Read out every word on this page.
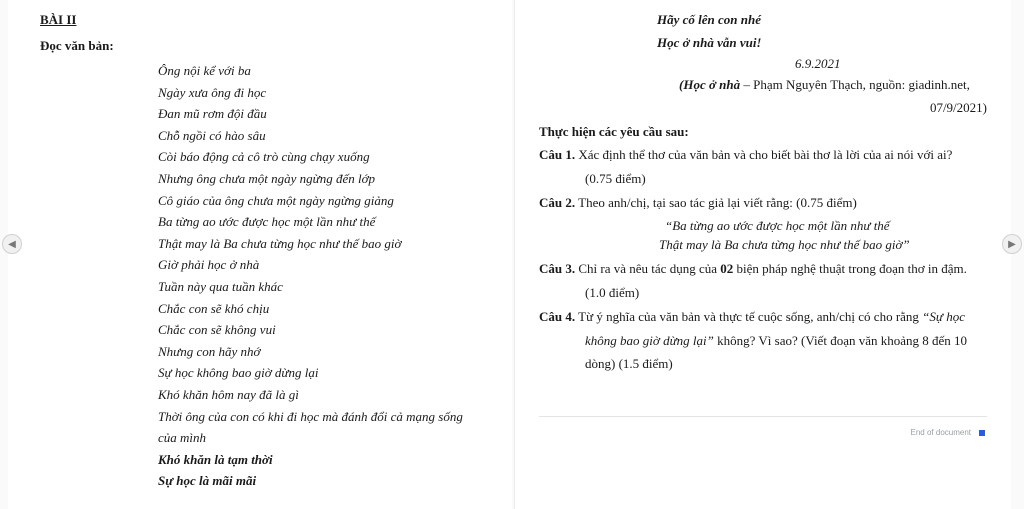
BÀI II
Đọc văn bản:
Ông nội kể với ba
Ngày xưa ông đi học
Đan mũ rơm đội đầu
Chỗ ngồi có hào sâu
Còi báo động cả cô trò cùng chạy xuống
Nhưng ông chưa một ngày ngừng đến lớp
Cô giáo của ông chưa một ngày ngừng giảng
Ba từng ao ước được học một lần như thế
Thật may là Ba chưa từng học như thế bao giờ
Giờ phải học ở nhà
Tuần này qua tuần khác
Chắc con sẽ khó chịu
Chắc con sẽ không vui
Nhưng con hãy nhớ
Sự học không bao giờ dừng lại
Khó khăn hôm nay đã là gì
Thời ông của con có khi đi học mà đánh đổi cả mạng sống
của mình
Khó khăn là tạm thời
Sự học là mãi mãi
Hãy cố lên con nhé
Học ở nhà vẫn vui!
6.9.2021
(Học ở nhà – Phạm Nguyên Thạch, nguồn: giadinh.net,
07/9/2021)
Thực hiện các yêu cầu sau:
Câu 1. Xác định thể thơ của văn bản và cho biết bài thơ là lời của ai nói với ai?
(0.75 điểm)
Câu 2. Theo anh/chị, tại sao tác giả lại viết rằng: (0.75 điểm)
“Ba từng ao ước được học một lần như thế
Thật may là Ba chưa từng học như thế bao giờ”
Câu 3. Chỉ ra và nêu tác dụng của 02 biện pháp nghệ thuật trong đoạn thơ in đậm.
(1.0 điểm)
Câu 4. Từ ý nghĩa của văn bản và thực tế cuộc sống, anh/chị có cho rằng “Sự học
không bao giờ dừng lại” không? Vì sao? (Viết đoạn văn khoảng 8 đến 10
dòng) (1.5 điểm)
End of document
◀	▶
